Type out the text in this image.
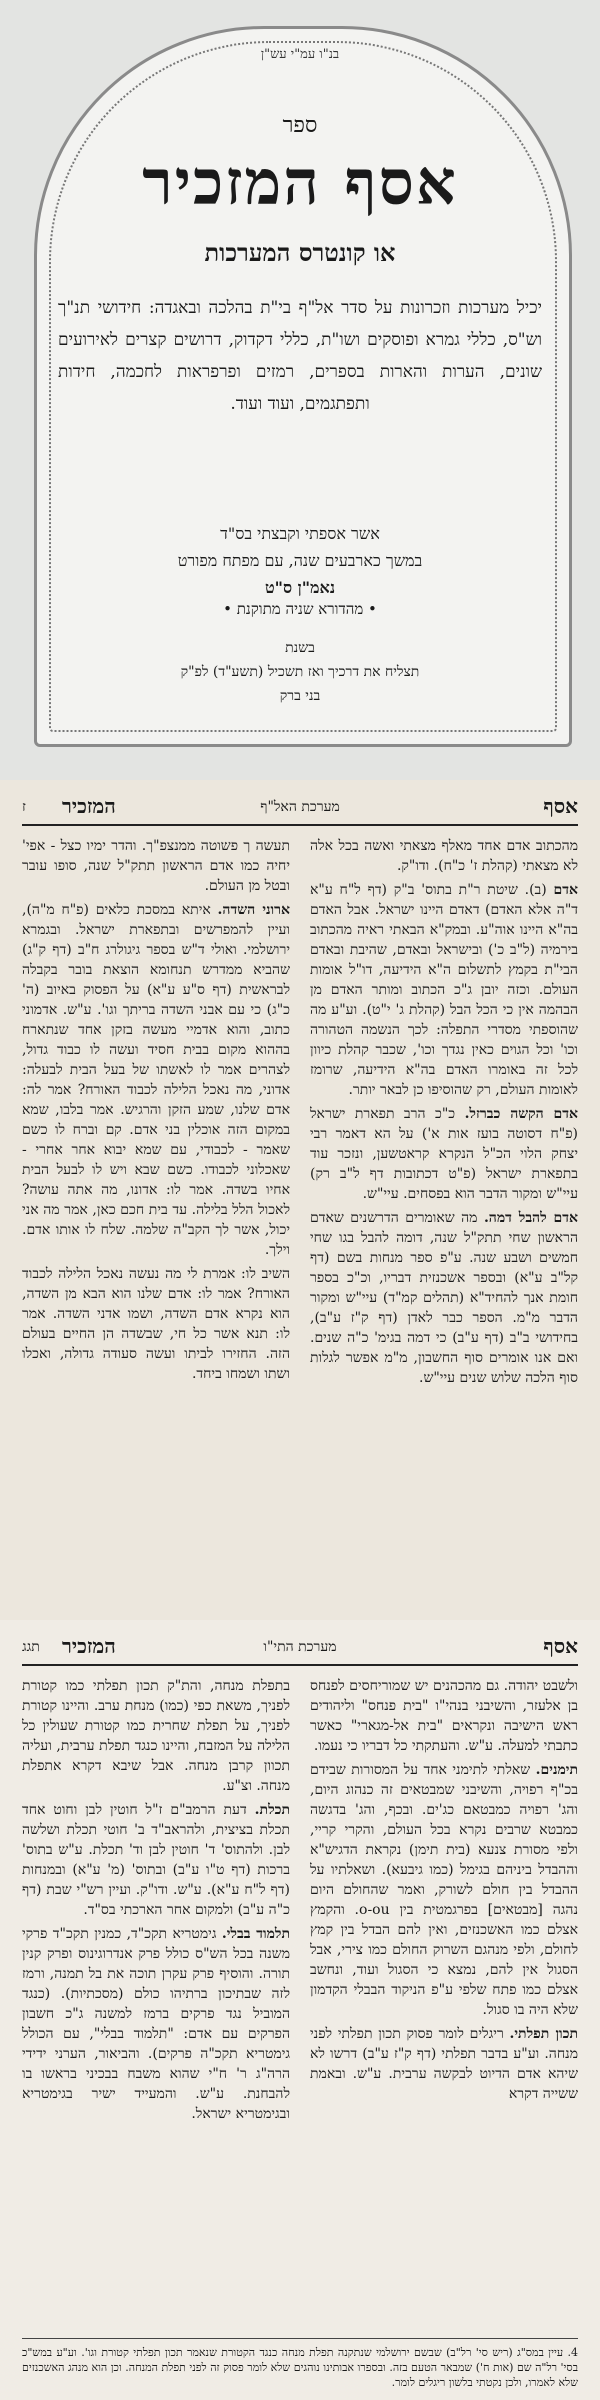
בנ"ו עמ"י עש"ן
ספר
אסף המזכיר
או קונטרס המערכות
יכיל מערכות וזכרונות על סדר אל"ף בי"ת בהלכה ובאגדה: חידושי תנ"ך וש"ס, כללי גמרא ופוסקים ושו"ת, כללי דקדוק, דרושים קצרים לאירועים שונים, הערות והארות בספרים, רמזים ופרפראות לחכמה, חידות ותפתגמים, ועוד ועוד.
אשר אספתי וקבצתי בס"ד
במשך כארבעים שנה, עם מפתח מפורט
נאמ"ן ס"ט
• מהדורא שניה מתוקנת •
בשנת
תצליח את דרכיך ואז תשכיל (תשע"ד) לפ"ק
בני ברק
אסף
מערכת האל"ף
המזכיר
ז

מהכתוב אדם אחד מאלף מצאתי ואשה בכל אלה לא מצאתי (קהלת ז' כ"ח). ודו"ק.

אדם (ב). שיטת ר"ת בתוס' ב"ק (דף ל"ח ע"א ד"ה אלא האדם) דאדם היינו ישראל. אבל האדם בה"א היינו אוה"ע. ובמק"א הבאתי ראיה מהכתוב בירמיה (ל"ב כ') ובישראל ובאדם, שהיבת ובאדם הבי"ת בקמץ לתשלום ה"א הידיעה, דו"ל אומות העולם. וכזה יובן ג"כ הכתוב ומותר האדם מן הבהמה אין כי הכל הבל (קהלת ג' י"ט). וע"ע מה שהוספתי מסדרי התפלה: לכך הנשמה הטהורה וכו' וכל הגוים כאין נגדך וכו', שכבר קהלת כיוון לכל זה באומרו האדם בה"א הידיעה, שרומז לאומות העולם, רק שהוסיפו כן לבאר יותר.

אדם הקשה כברזל. כ"כ הרב תפארת ישראל (פ"ח דסוטה בועז אות א') על הא דאמר רבי יצחק הלוי הכ"ל הנקרא קראטשען, ונזכר עוד בתפארת ישראל (פ"ט דכתובות דף ל"ב רק) עיי"ש ומקור הדבר הוא בפסחים. עיי"ש.

אדם להבל דמה. מה שאומרים הדרשנים שאדם הראשון שחי תתק"ל שנה, דומה להבל בגו שחי חמשים ושבע שנה. ע"פ ספר מנחות בשם (דף קל"ב ע"א) ובספר אשכנזית דבריו, וכ"כ בספר חומת אנך להחיד"א (תהלים קמ"ד) עיי"ש ומקור הדבר מ"מ. הספר כבר לאדן (דף ק"ז ע"ב), בחידושי ב"ב (דף ע"ב) כי דמה בגימ' כ"ה שנים. ואם אנו אומרים סוף החשבון, מ"מ אפשר לגלות סוף הלכה שלוש שנים עיי"ש.

תעשה ך פשוטה ממנצפ"ך. והדר ימיו כצל - אפי' יחיה כמו אדם הראשון תתק"ל שנה, סופו עובר ובטל מן העולם.

ארוני השדה. איתא במסכת כלאים (פ"ח מ"ה), ועיין להמפרשים ובתפארת ישראל. ובגמרא ירושלמי. ואולי ד"ש בספר גיגולרג ח"ב (דף ק"ג) שהביא ממדרש תנחומא הוצאת בובר בקבלה לבראשית (דף ס"ע ע"א) על הפסוק באיוב (ה' כ"ג) כי עם אבני השדה בריתך וגו'. ע"ש. אדמוני כתוב, והוא אדמיי מעשה בזקן אחד שנתארח בההוא מקום בבית חסיד ועשה לו כבוד גדול, לצהרים אמר לו לאשתו של בעל הבית לבעלה: אדוני, מה נאכל הלילה לכבוד האורח? אמר לה: אדם שלנו, שמע הזקן והרגיש. אמר בלבו, שמא במקום הזה אוכלין בני אדם. קם וברח לו כשם שאמר - לכבודי, עם שמא יבוא אחר אחרי - שאכלוני לכבודו. כשם שבא ויש לו לבעל הבית אחיו בשדה. אמר לו: אדונו, מה אתה עושה? לאכול הלל בלילה. עד בית חכם כאן, אמר מה אני יכול, אשר לך הקב"ה שלמה. שלח לו אותו אדם. וילך.

השיב לו: אמרת לי מה נעשה נאכל הלילה לכבוד האורח? אמר לו: אדם שלנו הוא הבא מן השדה, הוא נקרא אדם השדה, ושמו אדני השדה. אמר לו: תנא אשר כל חי, שבשדה הן החיים בעולם הזה. החזירו לביתו ועשה סעודה גדולה, ואכלו ושתו ושמחו ביחד.

אסף
מערכת התי"ו
המזכיר
תגג

ולשבט יהודה. גם מהכהנים יש שמוריחסים לפנחס בן אלעזר, והשיבני בנהי"ו "בית פנחס" וליהודים ראש הישיבה ונקראים "בית אל-מגארי" כאשר כתבתי למעלה. ע"ש. והעתקתי כל דבריו כי נעמו.

תימנים. שאלתי לתימני אחד על המסורות שבידם בכ"ף רפויה, והשיבני שמבטאים זה כנהוג היום, והג' רפויה כמבטאם כג'ים. ובכף, והג' בדגשה כמבטא שרבים נקרא בכל העולם, והקרי קריי, ולפי מסורת צנעא (בית תימן) נקראת הדגיש"א וההבדל ביניהם בגימל (כמו גיבעא). ושאלתיו על ההבדל בין חולם לשורק, ואמר שהחולם היום נהגה [מבטאים] בפרגמטית בין o-ou. והקמץ אצלם כמו האשכנזים, ואין להם הבדל בין קמץ לחולם, ולפי מנהגם השרוק החולם כמו צירי, אבל הסגול אין להם, נמצא כי הסגול ועוד, ונחשב אצלם כמו פתח שלפי ע"פ הניקוד הבבלי הקדמון שלא היה בו סגול.

תכון תפלתי. ריגלים לומר פסוק תכון תפלתי לפני מנחה. וע"ע בדבר תפלתי (דף ק"ז ע"ב) דרשו לא שיהא אדם הדיוט לבקשה ערבית. ע"ש. ובאמת ששייה דקרא

בתפלת מנחה, והת"ק תכון תפלתי כמו קטורת לפניך, משאת כפי (כמו) מנחת ערב. והיינו קטורת לפניך, על תפלת שחרית כמו קטורת שעולין כל הלילה על המזבח, והיינו כנגד תפלת ערבית, ועליה תכוון קרבן מנחה. אבל שיבא דקרא אתפלת מנחה. וצ"ע.

תכלת. דעת הרמב"ם ז"ל חוטין לבן וחוט אחד תכלת בציצית, ולהראב"ד ב' חוטי תכלת ושלשה לבן. ולהתוס' ד' חוטין לבן וד' תכלת. ע"ש בתוס' ברכות (דף ט"ו ע"ב) ובתוס' (מ' ע"א) ובמנחות (דף ל"ח ע"א). ע"ש. ודו"ק. ועיין רש"י שבת (דף כ"ה ע"ב) ולמקום אחר הארכתי בס"ד.

תלמוד בבלי. גימטריא תקכ"ד, כמנין תקכ"ד פרקי משנה בכל הש"ס כולל פרק אנדרוגינוס ופרק קנין תורה. והוסיף פרק עקרן תוכה את בל תמנה, ורמז לזה שבתיכון ברתיהו כולם (מסכתיות). (כנגד המוביל נגד פרקים ברמז למשנה ג"כ חשבון הפרקים עם אדם: "תלמוד בבלי", עם הכולל גימטריא תקכ"ה פרקים). והביאור, הערני ידידי הרה"ג ר' ח"י שהוא משבח בבכיני בראשו בו להבחנת. ע"ש. והמעייד ישיר בגימטריא ובגימטריא ישראל.

4. עיין במס"ג (ריש סי' רל"ב) שבשם ירושלמי שנתקנה תפלת מנחה כנגד הקטורת שנאמר תכון תפלתי קטורת וגו'. וע"ע במש"כ בסי' רל"ה שם (אות ח') שמבאר הטעם בזה. ובספרו אבותינו נוהגים שלא לומר פסוק זה לפני תפלת המנחה. וכן הוא מנהג האשכנזים שלא לאמרו, ולכן נקטתי בלשון ריגלים לומר.
